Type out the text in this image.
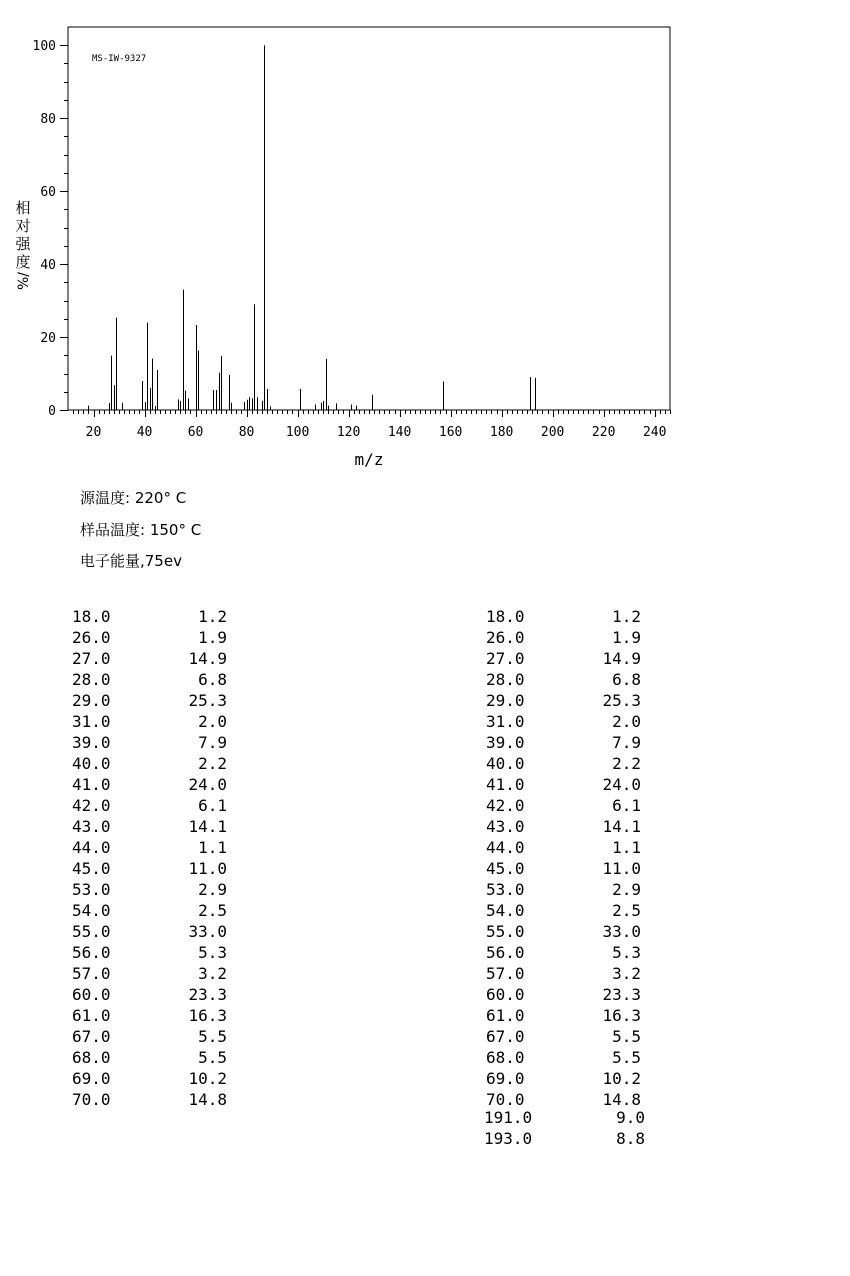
20	40	60	80 100 120 140 160 180 200 220 240
0
20
40
60
80
100
MS-IW-9327
m/z
相
对
强
度
%/
源温度: 220° C
样品温度: 150° C
电子能量,75ev
18.0	1.2
26.0	1.9
27.0	14.9
28.0	6.8
29.0	25.3
31.0	2.0
39.0	7.9
40.0	2.2
41.0	24.0
42.0	6.1
43.0	14.1
44.0	1.1
45.0	11.0
53.0	2.9
54.0	2.5
55.0	33.0
56.0	5.3
57.0	3.2
60.0	23.3
61.0	16.3
67.0	5.5
68.0	5.5
69.0	10.2
70.0	14.8
18.0	1.2
26.0	1.9
27.0	14.9
28.0	6.8
29.0	25.3
31.0	2.0
39.0	7.9
40.0	2.2
41.0	24.0
42.0	6.1
43.0	14.1
44.0	1.1
45.0	11.0
53.0	2.9
54.0	2.5
55.0	33.0
56.0	5.3
57.0	3.2
60.0	23.3
61.0	16.3
67.0	5.5
68.0	5.5
69.0	10.2
70.0	14.8
191.0	9.0
193.0	8.8
